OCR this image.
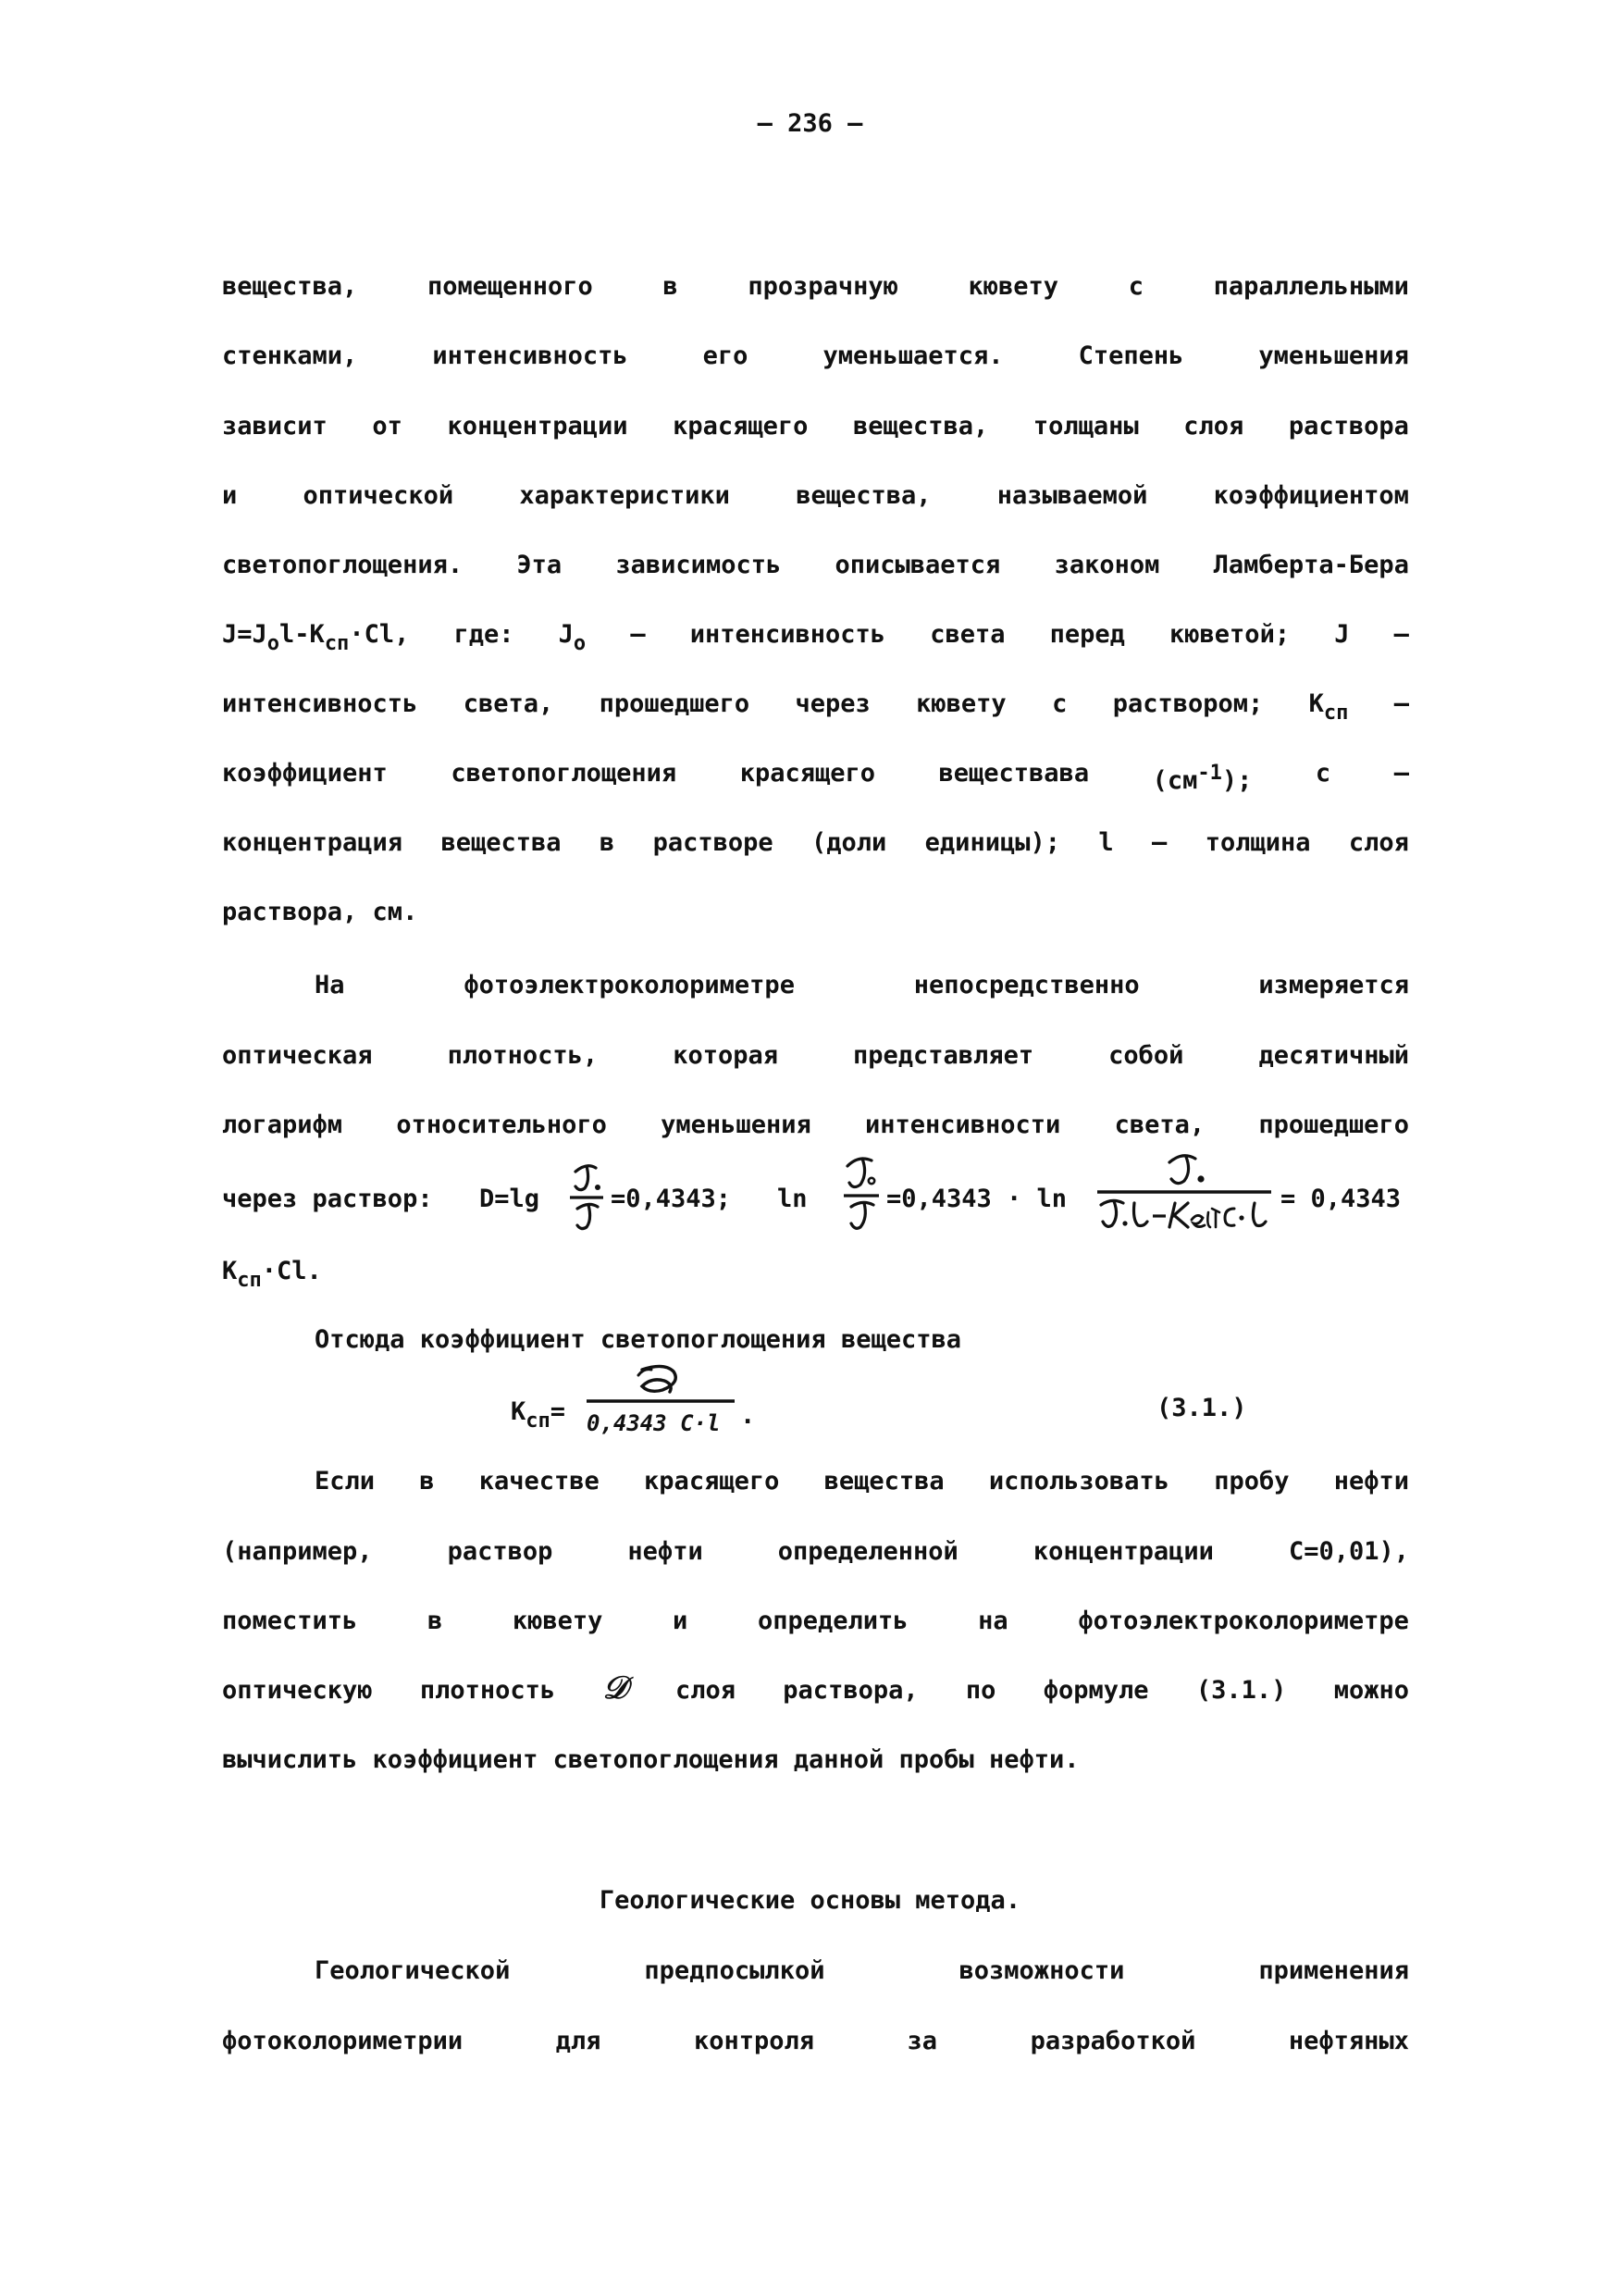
— 236 —
вещества,	помещенного	в	прозрачную	кювету	с	параллельными
стенками,	интенсивность	его	уменьшается.	Степень	уменьшения
зависит от концентрации красящего вещества, толщаны слоя раствора
и	оптической	характеристики	вещества,	называемой	коэффициентом
светопоглощения. Эта зависимость описывается законом Ламберта-Бера
$J=J_ol-K_{сп}\cdot Cl$, где: $J_o$ – интенсивность света перед кюветой; J –
интенсивность света, прошедшего через кювету с раствором; $K_{сп}$ –
коэффициент	светопоглощения	красящего	веществава	$(см^{-1})$;	с	–
концентрация вещества в растворе (доли единицы); l – толщина слоя
раствора, см.
На	фотоэлектроколориметре	непосредственно	измеряется
оптическая	плотность,	которая	представляет	собой	десятичный
логарифм относительного уменьшения интенсивности света, прошедшего
через раствор: D=lg	=0,4343; ln	=0,4343 · ln	= 0,4343
$K_{сп}\cdot Cl$.
Отсюда коэффициент светопоглощения вещества
$K_{сп}= 0,4343$ C·l .	(3.1.)
Если в качестве красящего вещества использовать пробу нефти
(например,	раствор	нефти	определенной	концентрации	С=0,01),
поместить	в	кювету	и	определить	на	фотоэлектроколориметре
оптическую плотность 𝒟 слоя раствора, по формуле (3.1.) можно
вычислить коэффициент светопоглощения данной пробы нефти.
Геологические основы метода.
Геологической	предпосылкой	возможности	применения
фотоколориметрии	для	контроля	за	разработкой	нефтяных
